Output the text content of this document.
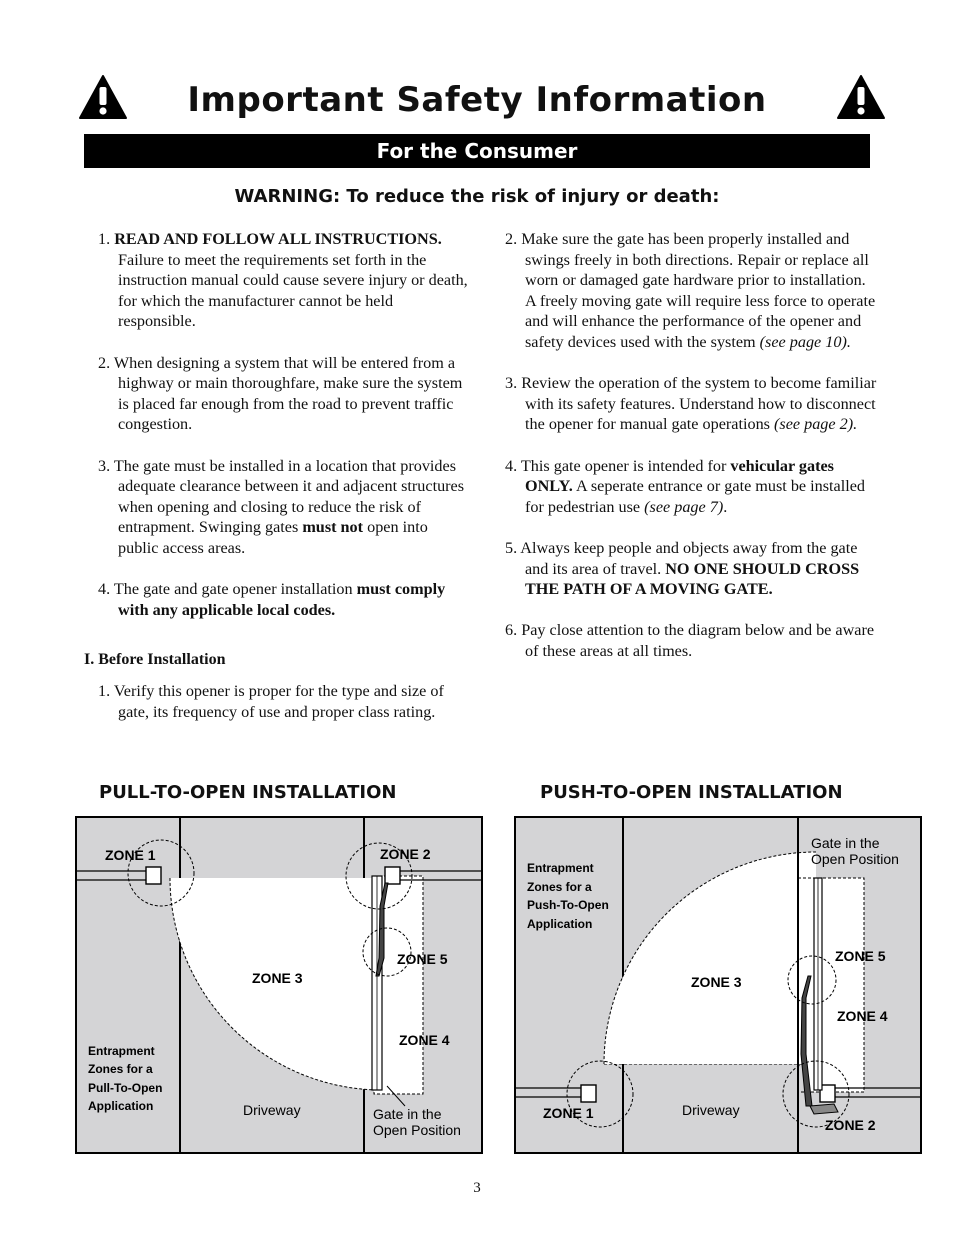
Important Safety Information
For the Consumer
WARNING: To reduce the risk of injury or death:

1. READ AND FOLLOW ALL INSTRUCTIONS. Failure to meet the requirements set forth in the instruction manual could cause severe injury or death, for which the manufacturer cannot be held responsible.

2. When designing a system that will be entered from a highway or main thoroughfare, make sure the system is placed far enough from the road to prevent traffic congestion.

3. The gate must be installed in a location that provides adequate clearance between it and adjacent structures when opening and closing to reduce the risk of entrapment. Swinging gates must not open into public access areas.

4. The gate and gate opener installation must comply with any applicable local codes.

I. Before Installation

1. Verify this opener is proper for the type and size of gate, its frequency of use and proper class rating.

2. Make sure the gate has been properly installed and swings freely in both directions. Repair or replace all worn or damaged gate hardware prior to installation. A freely moving gate will require less force to operate and will enhance the performance of the opener and safety devices used with the system (see page 10).

3. Review the operation of the system to become familiar with its safety features. Understand how to disconnect the opener for manual gate operations (see page 2).

4. This gate opener is intended for vehicular gates ONLY. A seperate entrance or gate must be installed for pedestrian use (see page 7).

5. Always keep people and objects away from the gate and its area of travel. NO ONE SHOULD CROSS THE PATH OF A MOVING GATE.

6. Pay close attention to the diagram below and be aware of these areas at all times.

PULL-TO-OPEN INSTALLATION	PUSH-TO-OPEN INSTALLATION
ZONE 1	ZONE 2
ZONE 3
ZONE 5
ZONE 4
Entrapment
Zones for a
Pull-To-Open
Application	Driveway	Gate in the
Open Position
Gate in the
Open Position
Entrapment
Zones for a
Push-To-Open
Application
ZONE 5
ZONE 3
ZONE 4
ZONE 1	Driveway
ZONE 2
3
